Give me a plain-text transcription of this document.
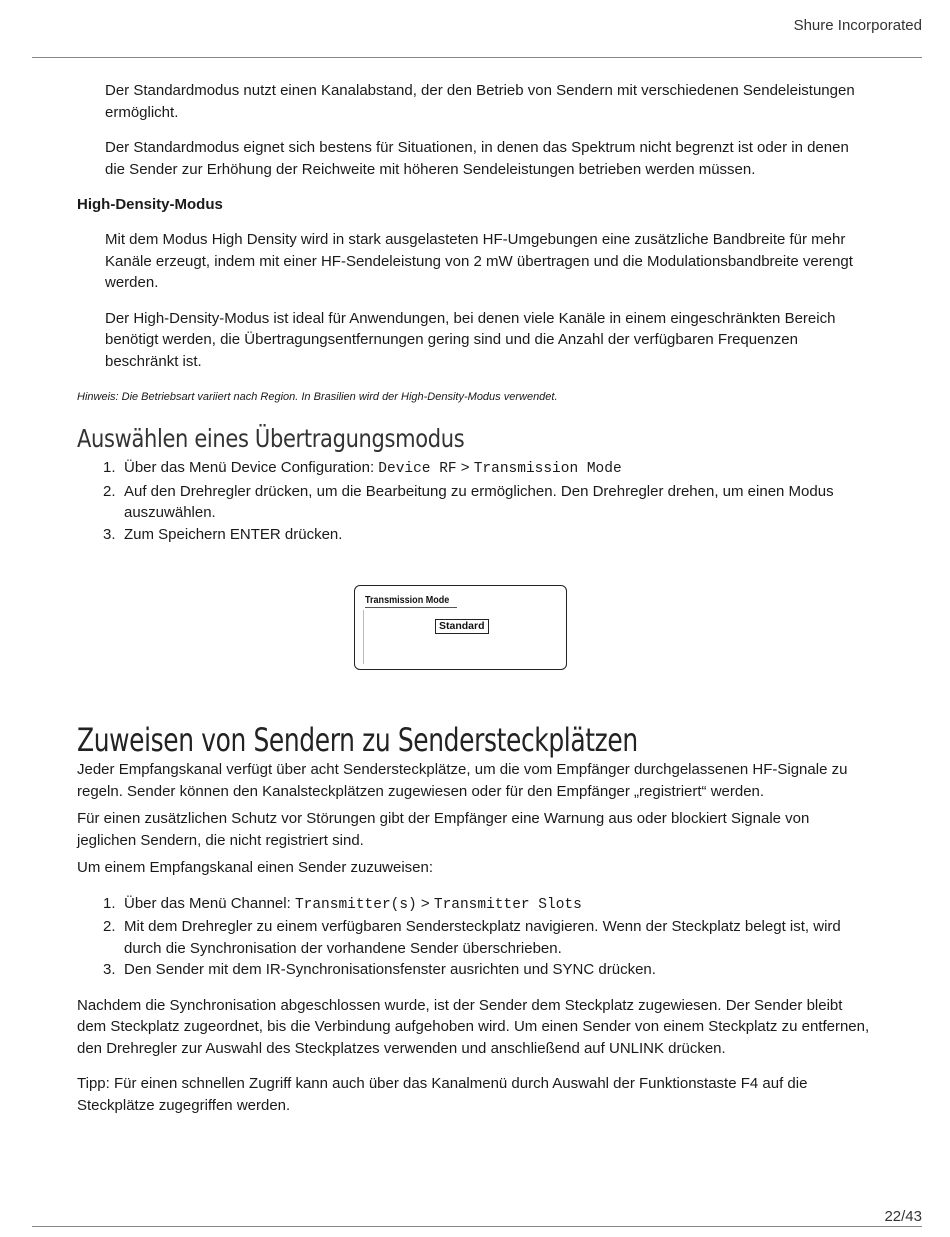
Shure Incorporated

Der Standardmodus nutzt einen Kanalabstand, der den Betrieb von Sendern mit verschiedenen Sendeleistungen ermöglicht.

Der Standardmodus eignet sich bestens für Situationen, in denen das Spektrum nicht begrenzt ist oder in denen die Sender zur Erhöhung der Reichweite mit höheren Sendeleistungen betrieben werden müssen.

High-Density-Modus

Mit dem Modus High Density wird in stark ausgelasteten HF-Umgebungen eine zusätzliche Bandbreite für mehr Kanäle erzeugt, indem mit einer HF-Sendeleistung von 2 mW übertragen und die Modulationsbandbreite verengt werden.

Der High-Density-Modus ist ideal für Anwendungen, bei denen viele Kanäle in einem eingeschränkten Bereich benötigt werden, die Übertragungsentfernungen gering sind und die Anzahl der verfügbaren Frequenzen beschränkt ist.

Hinweis: Die Betriebsart variiert nach Region. In Brasilien wird der High-Density-Modus verwendet.

Auswählen eines Übertragungsmodus
1. Über das Menü Device Configuration: Device RF > Transmission Mode
2. Auf den Drehregler drücken, um die Bearbeitung zu ermöglichen. Den Drehregler drehen, um einen Modus auszuwählen.
3. Zum Speichern ENTER drücken.
Transmission Mode
Standard
Zuweisen von Sendern zu Sendersteckplätzen

Jeder Empfangskanal verfügt über acht Sendersteckplätze, um die vom Empfänger durchgelassenen HF-Signale zu regeln. Sender können den Kanalsteckplätzen zugewiesen oder für den Empfänger „registriert“ werden.

Für einen zusätzlichen Schutz vor Störungen gibt der Empfänger eine Warnung aus oder blockiert Signale von jeglichen Sendern, die nicht registriert sind.

Um einem Empfangskanal einen Sender zuzuweisen:

1. Über das Menü Channel: Transmitter(s) > Transmitter Slots
2. Mit dem Drehregler zu einem verfügbaren Sendersteckplatz navigieren. Wenn der Steckplatz belegt ist, wird durch die Synchronisation der vorhandene Sender überschrieben.
3. Den Sender mit dem IR-Synchronisationsfenster ausrichten und SYNC drücken.

Nachdem die Synchronisation abgeschlossen wurde, ist der Sender dem Steckplatz zugewiesen. Der Sender bleibt dem Steckplatz zugeordnet, bis die Verbindung aufgehoben wird. Um einen Sender von einem Steckplatz zu entfernen, den Drehregler zur Auswahl des Steckplatzes verwenden und anschließend auf UNLINK drücken.

Tipp: Für einen schnellen Zugriff kann auch über das Kanalmenü durch Auswahl der Funktionstaste F4 auf die Steckplätze zugegriffen werden.

22/43
